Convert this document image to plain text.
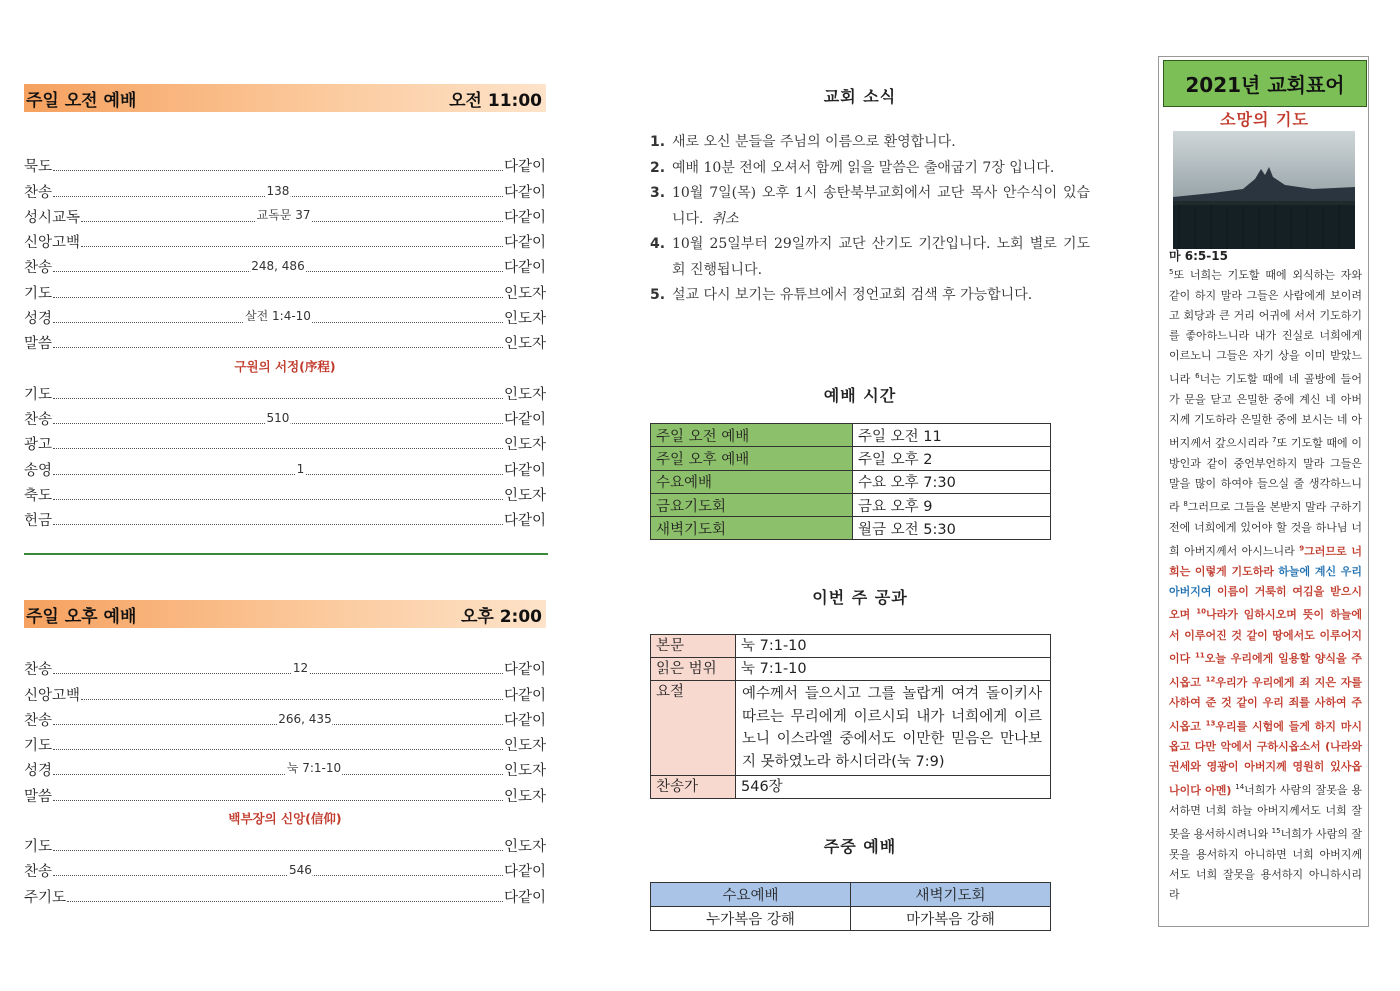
주일 오전 예배	오전 11:00
묵도	다같이
찬송	138	다같이
성시교독	교독문 37	다같이
신앙고백	다같이
찬송	248, 486	다같이
기도	인도자
성경	살전 1:4-10	인도자
말씀	인도자
구원의 서정(序程)
기도	인도자
찬송	510	다같이
광고	인도자
송영	1	다같이
축도	인도자
헌금	다같이
주일 오후 예배	오후 2:00
찬송	12	다같이
신앙고백	다같이
찬송	266, 435	다같이
기도	인도자
성경	눅 7:1-10	인도자
말씀	인도자
백부장의 신앙(信仰)
기도	인도자
찬송	546	다같이
주기도	다같이
교회 소식
1. 새로 오신 분들을 주님의 이름으로 환영합니다.
2. 예배 10분 전에 오셔서 함께 읽을 말씀은 출애굽기 7장 입니다.
3. 10월 7일(목) 오후 1시 송탄북부교회에서 교단 목사 안수식이 있습니다. 취소
4. 10월 25일부터 29일까지 교단 산기도 기간입니다. 노회 별로 기도회 진행됩니다.
5. 설교 다시 보기는 유튜브에서 정언교회 검색 후 가능합니다.
예배 시간
주일 오전 예배	주일 오전 11
주일 오후 예배	주일 오후 2
수요예배	수요 오후 7:30
금요기도회	금요 오후 9
새벽기도회	월금 오전 5:30
이번 주 공과
본문	눅 7:1-10
읽은 범위	눅 7:1-10
요절	예수께서 들으시고 그를 놀랍게 여겨 돌이키사 따르는 무리에게 이르시되 내가 너희에게 이르노니 이스라엘 중에서도 이만한 믿음은 만나보지 못하였노라 하시더라(눅 7:9)
찬송가	546장
주중 예배
수요예배	새벽기도회
누가복음 강해	마가복음 강해
2021년 교회표어
소망의 기도
마 6:5-15
$^5$또 너희는 기도할 때에 외식하는 자와 같이 하지 말라 그들은 사람에게 보이려고 회당과 큰 거리 어귀에 서서 기도하기를 좋아하느니라 내가 진실로 너희에게 이르노니 그들은 자기 상을 이미 받았느니라 $^6$너는 기도할 때에 네 골방에 들어가 문을 닫고 은밀한 중에 계신 네 아버지께 기도하라 은밀한 중에 보시는 네 아버지께서 갚으시리라 $^7$또 기도할 때에 이방인과 같이 중언부언하지 말라 그들은 말을 많이 하여야 들으실 줄 생각하느니라 $^8$그러므로 그들을 본받지 말라 구하기 전에 너희에게 있어야 할 것을 하나님 너희 아버지께서 아시느니라 $^9$그러므로 너희는 이렇게 기도하라 하늘에 계신 우리 아버지여 이름이 거룩히 여김을 받으시오며 $^{10}$나라가 임하시오며 뜻이 하늘에서 이루어진 것 같이 땅에서도 이루어지이다 $^{11}$오늘 우리에게 일용할 양식을 주시옵고 $^{12}$우리가 우리에게 죄 지은 자를 사하여 준 것 같이 우리 죄를 사하여 주시옵고 $^{13}$우리를 시험에 들게 하지 마시옵고 다만 악에서 구하시옵소서 (나라와 권세와 영광이 아버지께 영원히 있사옵나이다 아멘) $^{14}$너희가 사람의 잘못을 용서하면 너희 하늘 아버지께서도 너희 잘못을 용서하시려니와 $^{15}$너희가 사람의 잘못을 용서하지 아니하면 너희 아버지께서도 너희 잘못을 용서하지 아니하시리라
